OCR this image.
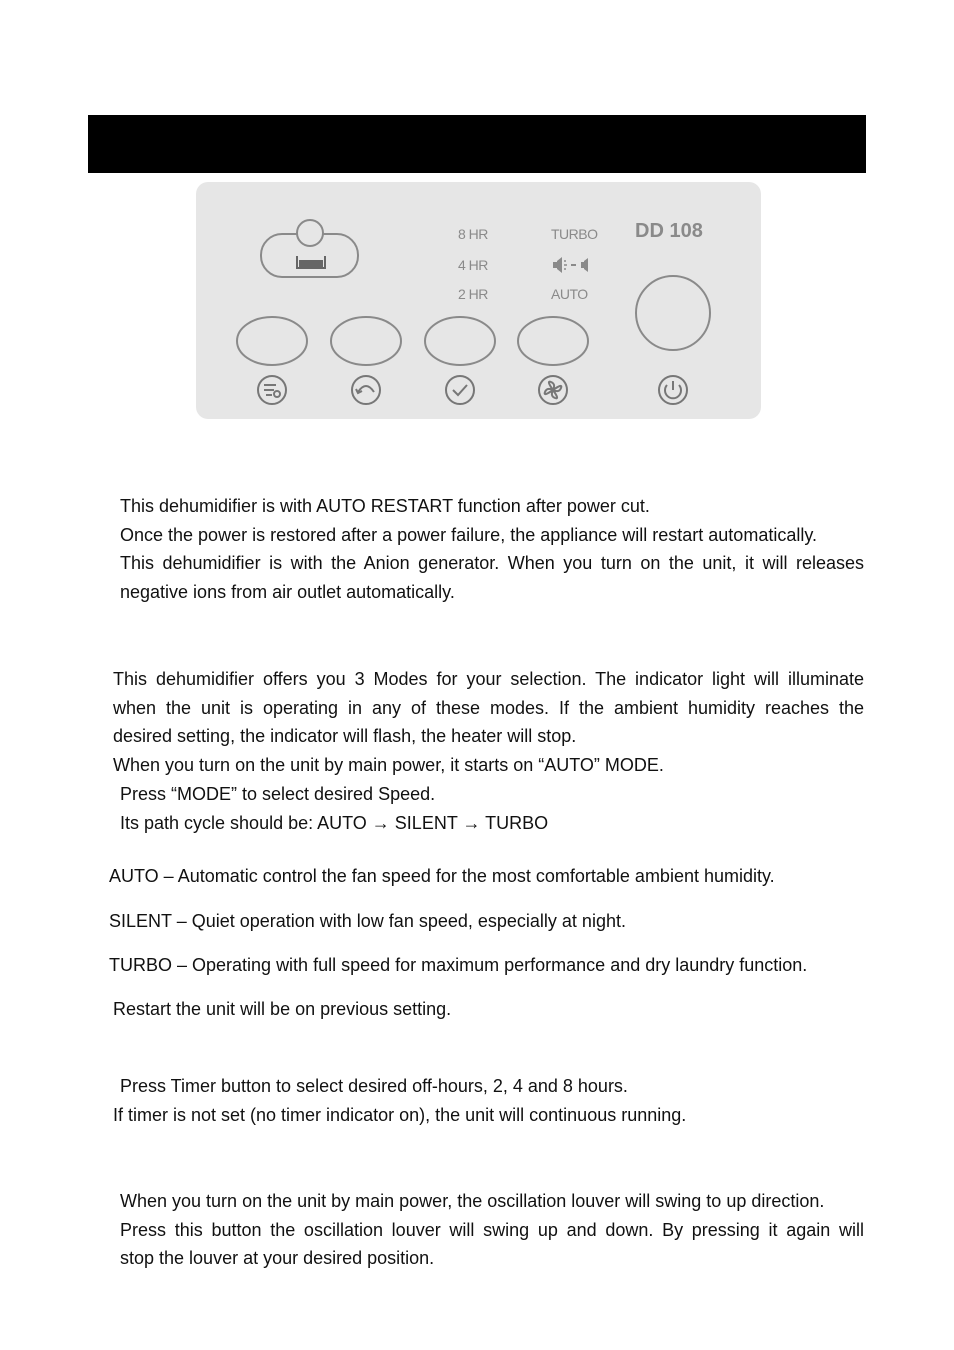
8 HR
4 HR
2 HR
TURBO
AUTO
DD 108
This dehumidifier is with AUTO RESTART function after power cut.
Once the power is restored after a power failure, the appliance will restart automatically.
This dehumidifier is with the Anion generator. When you turn on the unit, it will releases
negative ions from air outlet automatically.
This dehumidifier offers you 3 Modes for your selection. The indicator light will illuminate
when the unit is operating in any of these modes. If the ambient humidity reaches the
desired setting, the indicator will flash, the heater will stop.
When you turn on the unit by main power, it starts on “AUTO” MODE.
Press “MODE” to select desired Speed.
Its path cycle should be: AUTO → SILENT → TURBO
AUTO – Automatic control the fan speed for the most comfortable ambient humidity.
SILENT – Quiet operation with low fan speed, especially at night.
TURBO – Operating with full speed for maximum performance and dry laundry function.
Restart the unit will be on previous setting.
Press Timer button to select desired off-hours, 2, 4 and 8 hours.
If timer is not set (no timer indicator on), the unit will continuous running.
When you turn on the unit by main power, the oscillation louver will swing to up direction.
Press this button the oscillation louver will swing up and down. By pressing it again will
stop the louver at your desired position.
